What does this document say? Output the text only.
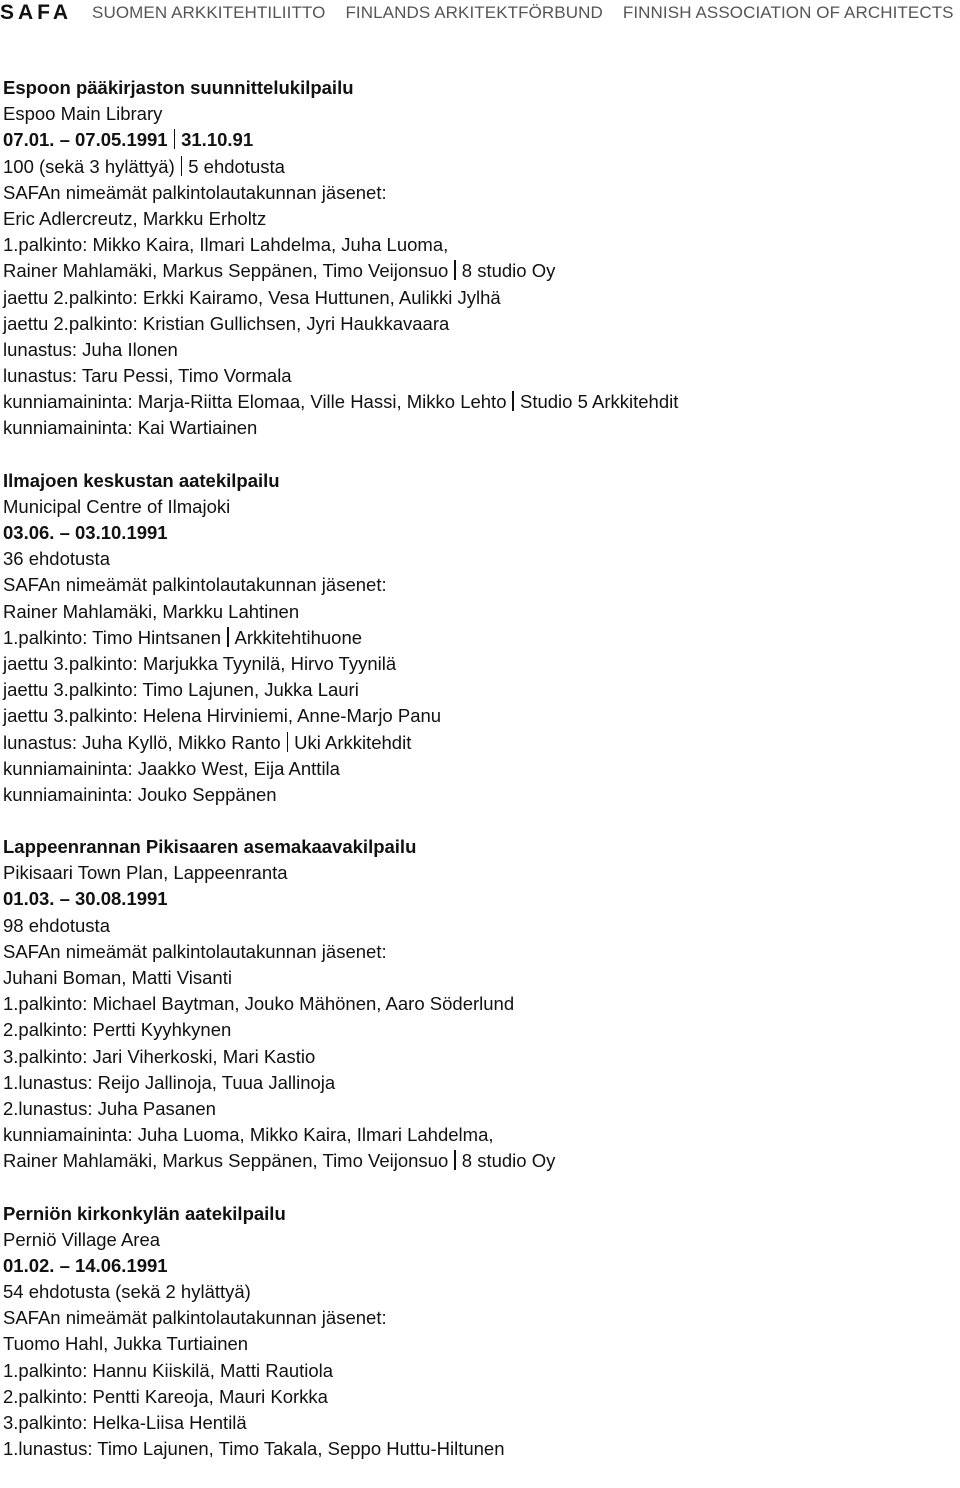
SAFA SUOMEN ARKKITEHTILIITTO FINLANDS ARKITEKTFÖRBUND FINNISH ASSOCIATION OF ARCHITECTS
Espoon pääkirjaston suunnittelukilpailu
Espoo Main Library
07.01. – 07.05.1991 31.10.91
100 (sekä 3 hylättyä) 5 ehdotusta
SAFAn nimeämät palkintolautakunnan jäsenet:
Eric Adlercreutz, Markku Erholtz
1.palkinto: Mikko Kaira, Ilmari Lahdelma, Juha Luoma,
Rainer Mahlamäki, Markus Seppänen, Timo Veijonsuo 8 studio Oy
jaettu 2.palkinto: Erkki Kairamo, Vesa Huttunen, Aulikki Jylhä
jaettu 2.palkinto: Kristian Gullichsen, Jyri Haukkavaara
lunastus: Juha Ilonen
lunastus: Taru Pessi, Timo Vormala
kunniamaininta: Marja-Riitta Elomaa, Ville Hassi, Mikko Lehto Studio 5 Arkkitehdit
kunniamaininta: Kai Wartiainen
Ilmajoen keskustan aatekilpailu
Municipal Centre of Ilmajoki
03.06. – 03.10.1991
36 ehdotusta
SAFAn nimeämät palkintolautakunnan jäsenet:
Rainer Mahlamäki, Markku Lahtinen
1.palkinto: Timo Hintsanen Arkkitehtihuone
jaettu 3.palkinto: Marjukka Tyynilä, Hirvo Tyynilä
jaettu 3.palkinto: Timo Lajunen, Jukka Lauri
jaettu 3.palkinto: Helena Hirviniemi, Anne-Marjo Panu
lunastus: Juha Kyllö, Mikko Ranto Uki Arkkitehdit
kunniamaininta: Jaakko West, Eija Anttila
kunniamaininta: Jouko Seppänen
Lappeenrannan Pikisaaren asemakaavakilpailu
Pikisaari Town Plan, Lappeenranta
01.03. – 30.08.1991
98 ehdotusta
SAFAn nimeämät palkintolautakunnan jäsenet:
Juhani Boman, Matti Visanti
1.palkinto: Michael Baytman, Jouko Mähönen, Aaro Söderlund
2.palkinto: Pertti Kyyhkynen
3.palkinto: Jari Viherkoski, Mari Kastio
1.lunastus: Reijo Jallinoja, Tuua Jallinoja
2.lunastus: Juha Pasanen
kunniamaininta: Juha Luoma, Mikko Kaira, Ilmari Lahdelma,
Rainer Mahlamäki, Markus Seppänen, Timo Veijonsuo 8 studio Oy
Perniön kirkonkylän aatekilpailu
Perniö Village Area
01.02. – 14.06.1991
54 ehdotusta (sekä 2 hylättyä)
SAFAn nimeämät palkintolautakunnan jäsenet:
Tuomo Hahl, Jukka Turtiainen
1.palkinto: Hannu Kiiskilä, Matti Rautiola
2.palkinto: Pentti Kareoja, Mauri Korkka
3.palkinto: Helka-Liisa Hentilä
1.lunastus: Timo Lajunen, Timo Takala, Seppo Huttu-Hiltunen
